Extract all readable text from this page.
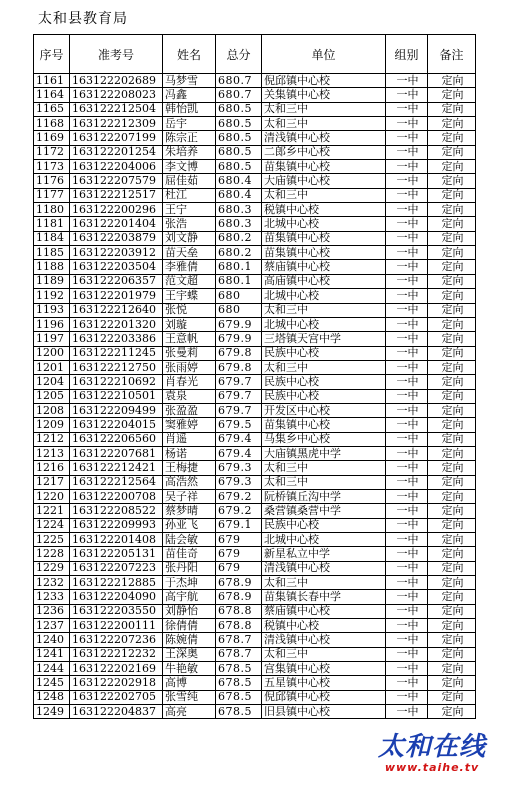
太和县教育局
序号	准考号	姓名	总分	单位	组别	备注
1161	163122202689	马梦雪	680.7	倪邱镇中心校	一中	定向
1164	163122208023	冯鑫	680.7	关集镇中心校	一中	定向
1165	163122212504	韩怡凯	680.5	太和三中	一中	定向
1168	163122212309	岳宇	680.5	太和三中	一中	定向
1169	163122207199	陈宗正	680.5	清浅镇中心校	一中	定向
1172	163122201254	朱培养	680.5	二郎乡中心校	一中	定向
1173	163122204006	李文博	680.5	苗集镇中心校	一中	定向
1176	163122207579	屈佳茹	680.4	大庙镇中心校	一中	定向
1177	163122212517	杜江	680.4	太和三中	一中	定向
1180	163122200296	王宁	680.3	税镇中心校	一中	定向
1181	163122201404	张浩	680.3	北城中心校	一中	定向
1184	163122203879	刘文静	680.2	苗集镇中心校	一中	定向
1185	163122203912	苗天垒	680.2	苗集镇中心校	一中	定向
1188	163122203504	李雅倩	680.1	蔡庙镇中心校	一中	定向
1189	163122206357	范文超	680.1	高庙镇中心校	一中	定向
1192	163122201979	王宇蝶	680	北城中心校	一中	定向
1193	163122212640	张悦	680	太和三中	一中	定向
1196	163122201320	刘璇	679.9	北城中心校	一中	定向
1197	163122203386	王意帆	679.9	三塔镇天宫中学	一中	定向
1200	163122211245	张曼莉	679.8	民族中心校	一中	定向
1201	163122212750	张雨婷	679.8	太和三中	一中	定向
1204	163122210692	肖春光	679.7	民族中心校	一中	定向
1205	163122210501	袁泉	679.7	民族中心校	一中	定向
1208	163122209499	张盈盈	679.7	开发区中心校	一中	定向
1209	163122204015	窦雅婷	679.5	苗集镇中心校	一中	定向
1212	163122206560	肖遥	679.4	马集乡中心校	一中	定向
1213	163122207681	杨诺	679.4	大庙镇黑虎中学	一中	定向
1216	163122212421	王梅捷	679.3	太和三中	一中	定向
1217	163122212564	高浩然	679.3	太和三中	一中	定向
1220	163122200708	吴子祥	679.2	阮桥镇丘沟中学	一中	定向
1221	163122208522	蔡梦晴	679.2	桑营镇桑营中学	一中	定向
1224	163122209993	孙亚飞	679.1	民族中心校	一中	定向
1225	163122201408	陆会敏	679	北城中心校	一中	定向
1228	163122205131	苗佳奇	679	新星私立中学	一中	定向
1229	163122207223	张丹阳	679	清浅镇中心校	一中	定向
1232	163122212885	于杰坤	678.9	太和三中	一中	定向
1233	163122204090	高宇航	678.9	苗集镇长春中学	一中	定向
1236	163122203550	刘静怡	678.8	蔡庙镇中心校	一中	定向
1237	163122200111	徐倩倩	678.8	税镇中心校	一中	定向
1240	163122207236	陈婉倩	678.7	清浅镇中心校	一中	定向
1241	163122212232	王深奥	678.7	太和三中	一中	定向
1244	163122202169	牛艳敏	678.5	宫集镇中心校	一中	定向
1245	163122202918	高博	678.5	五星镇中心校	一中	定向
1248	163122202705	张雪纯	678.5	倪邱镇中心校	一中	定向
1249	163122204837	高亮	678.5	旧县镇中心校	一中	定向
太和在线
www.taihe.tv
